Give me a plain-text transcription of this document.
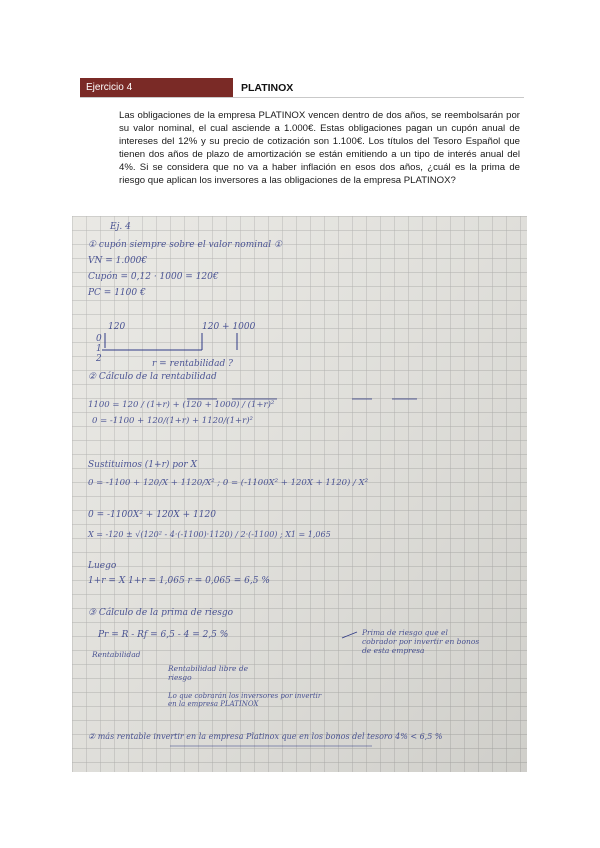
Ejercicio 4	PLATINOX

Las obligaciones de la empresa PLATINOX vencen dentro de dos años, se reembolsarán por su valor nominal, el cual asciende a 1.000€. Estas obligaciones pagan un cupón anual de intereses del 12% y su precio de cotización son 1.100€. Los títulos del Tesoro Español que tienen dos años de plazo de amortización se están emitiendo a un tipo de interés anual del 4%. Si se considera que no va a haber inflación en esos dos años, ¿cuál es la prima de riesgo que aplican los inversores a las obligaciones de la empresa PLATINOX?

Ej. 4
① cupón siempre sobre el valor nominal ①
VN = 1.000€
Cupón = 0,12 · 1000 = 120€
PC = 1100 €
120	120 + 1000
0
1
2	r = rentabilidad ?
② Cálculo de la rentabilidad
1100 = 120 / (1+r) + (120 + 1000) / (1+r)²
0 = -1100 + 120/(1+r) + 1120/(1+r)²
Sustituimos (1+r) por X
0 = -1100 + 120/X + 1120/X² ; 0 = (-1100X² + 120X + 1120) / X²
0 = -1100X² + 120X + 1120
X = -120 ± √(120² - 4·(-1100)·1120) / 2·(-1100) ; X1 = 1,065
Luego
1+r = X 1+r = 1,065 r = 0,065 = 6,5 %
③ Cálculo de la prima de riesgo
Pr = R - Rf = 6,5 - 4 = 2,5 %
Rentabilidad
Rentabilidad libre de riesgo
Prima de riesgo que el cobrador por invertir en bonos de esta empresa
Lo que cobrarán los inversores por invertir en la empresa PLATINOX
② más rentable invertir en la empresa Platinox que en los bonos del tesoro 4% < 6,5 %
